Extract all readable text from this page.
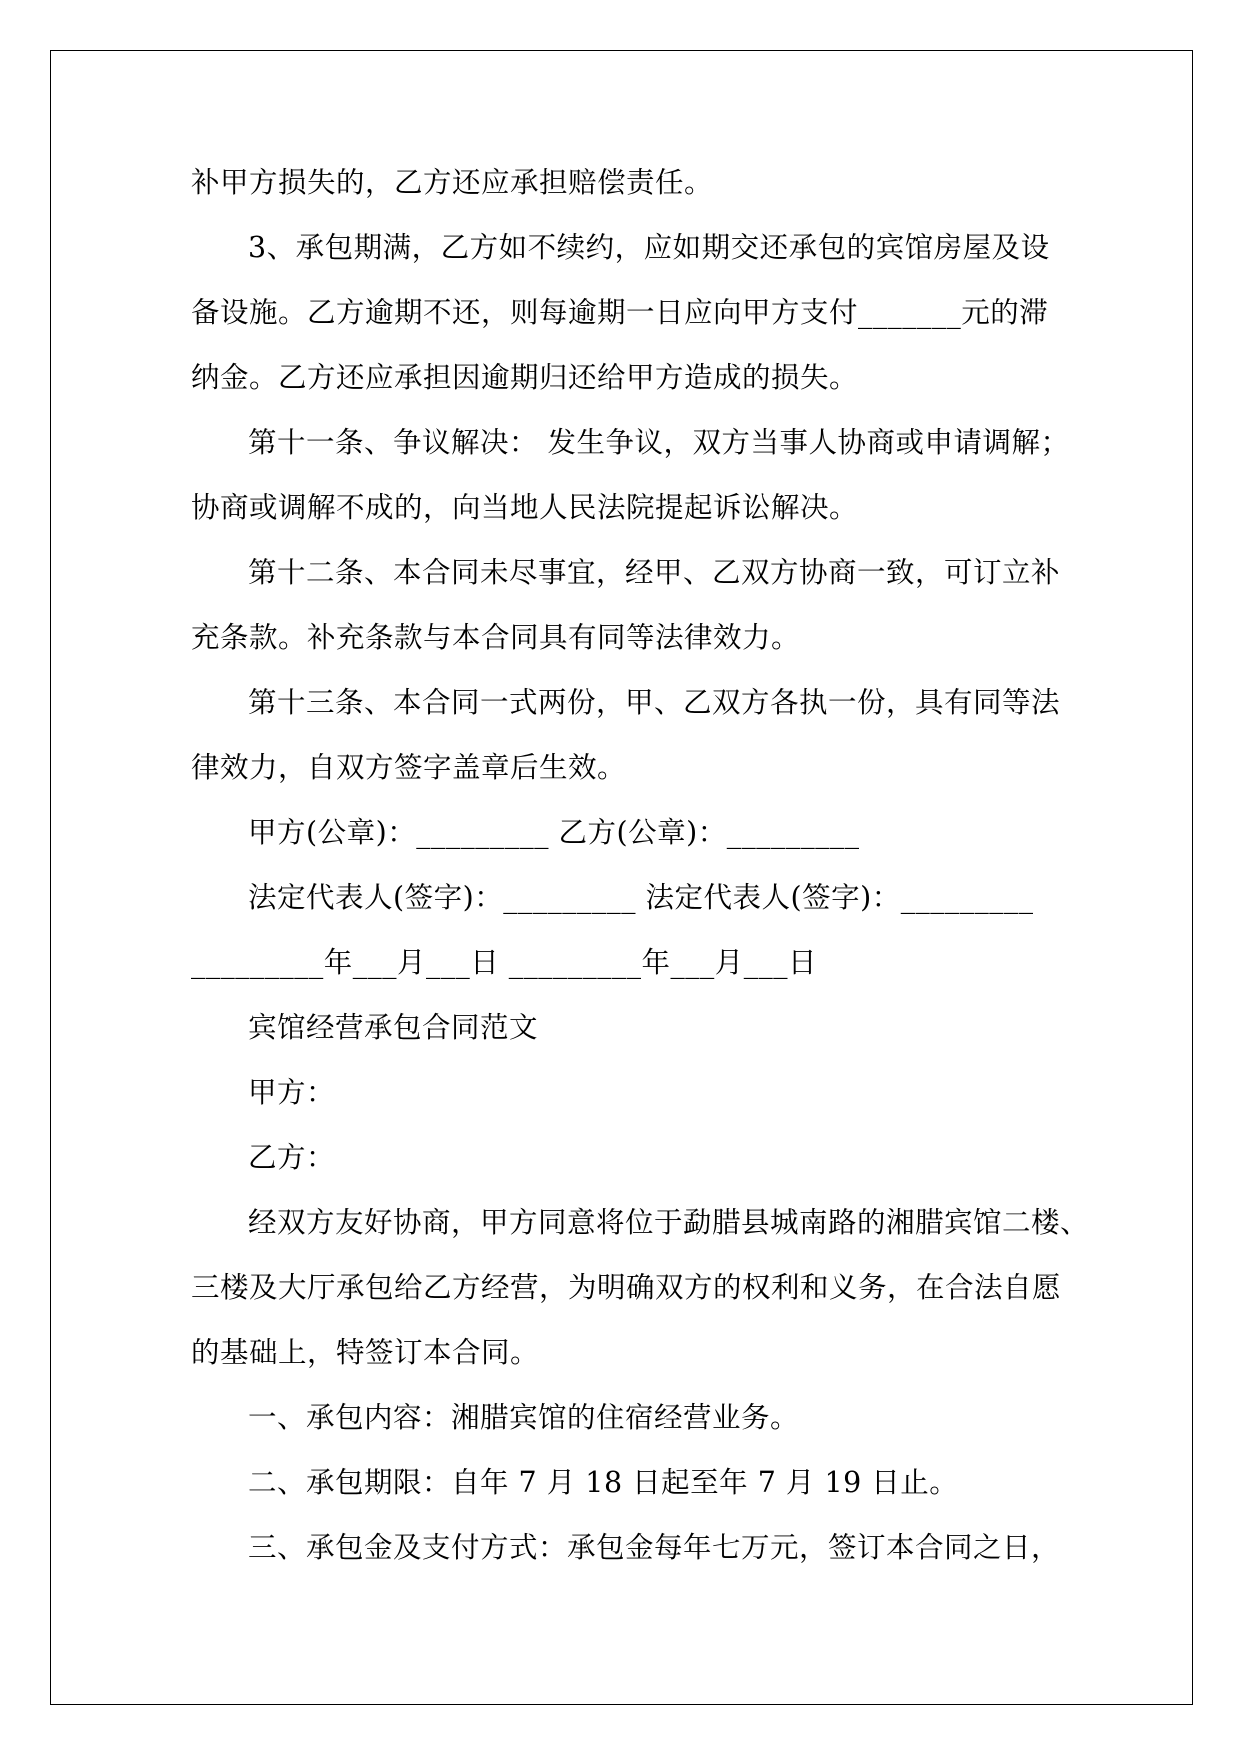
补甲方损失的，乙方还应承担赔偿责任。
3、承包期满，乙方如不续约，应如期交还承包的宾馆房屋及设
备设施。乙方逾期不还，则每逾期一日应向甲方支付_______元的滞
纳金。乙方还应承担因逾期归还给甲方造成的损失。
第十一条、争议解决： 发生争议，双方当事人协商或申请调解；
协商或调解不成的，向当地人民法院提起诉讼解决。
第十二条、本合同未尽事宜，经甲、乙双方协商一致，可订立补
充条款。补充条款与本合同具有同等法律效力。
第十三条、本合同一式两份，甲、乙双方各执一份，具有同等法
律效力，自双方签字盖章后生效。
甲方(公章)：_________ 乙方(公章)：_________
法定代表人(签字)：_________ 法定代表人(签字)：_________
_________年___月___日 _________年___月___日
宾馆经营承包合同范文
甲方：
乙方：
经双方友好协商，甲方同意将位于勐腊县城南路的湘腊宾馆二楼、
三楼及大厅承包给乙方经营，为明确双方的权利和义务，在合法自愿
的基础上，特签订本合同。
一、承包内容：湘腊宾馆的住宿经营业务。
二、承包期限：自年 7 月 18 日起至年 7 月 19 日止。
三、承包金及支付方式：承包金每年七万元，签订本合同之日，
